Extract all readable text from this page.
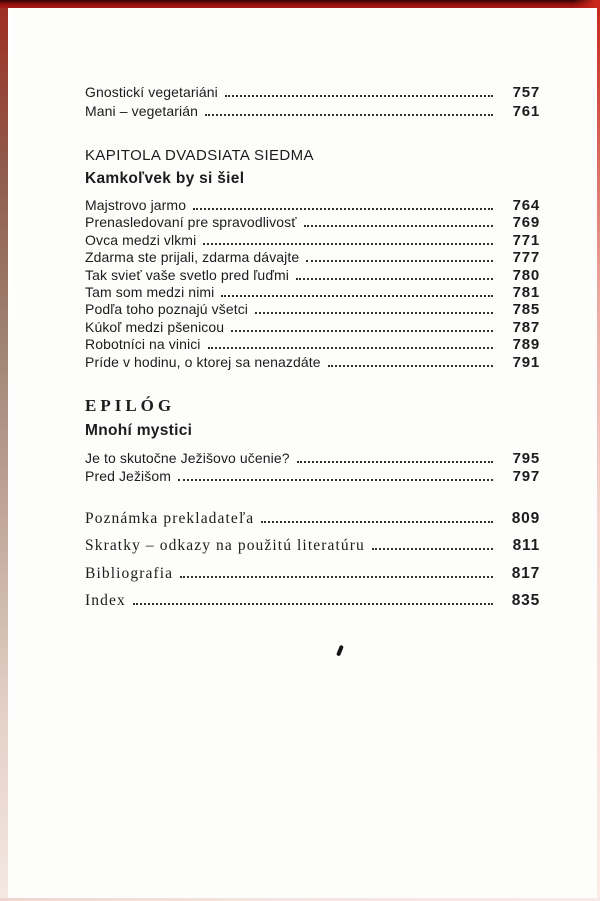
Gnostickí vegetariáni	757
Mani – vegetarián	761
KAPITOLA DVADSIATA SIEDMA
Kamkoľvek by si šiel
Majstrovo jarmo	764
Prenasledovaní pre spravodlivosť	769
Ovca medzi vlkmi	771
Zdarma ste prijali, zdarma dávajte	777
Tak svieť vaše svetlo pred ľuďmi	780
Tam som medzi nimi	781
Podľa toho poznajú všetci	785
Kúkoľ medzi pšenicou	787
Robotníci na vinici	789
Príde v hodinu, o ktorej sa nenazdáte	791
EPILÓG
Mnohí mystici
Je to skutočne Ježišovo učenie?	795
Pred Ježišom	797
Poznámka prekladateľa	809
Skratky – odkazy na použitú literatúru	811
Bibliografia	817
Index	835
